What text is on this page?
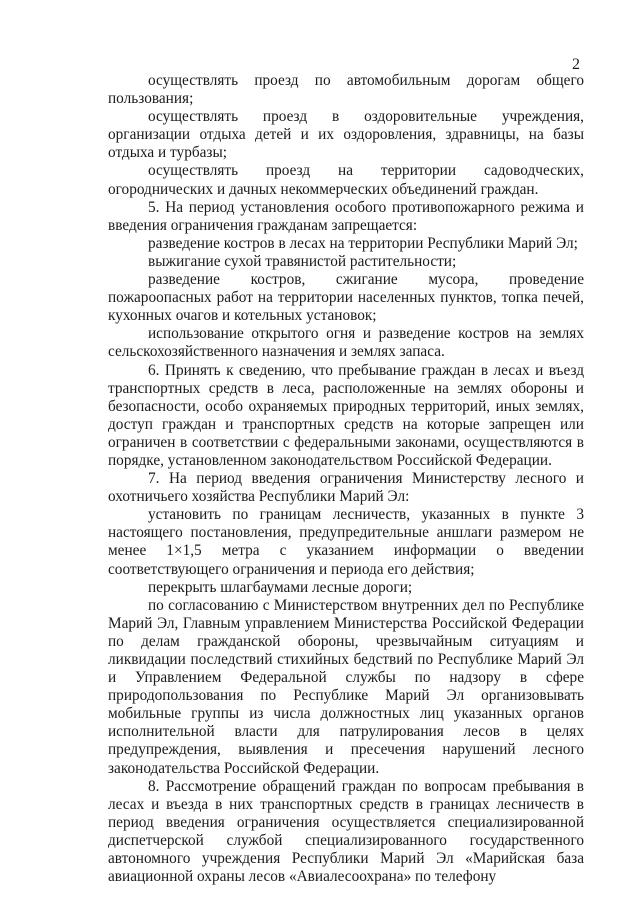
2

осуществлять проезд по автомобильным дорогам общего пользования;

осуществлять проезд в оздоровительные учреждения, организации отдыха детей и их оздоровления, здравницы, на базы отдыха и турбазы;

осуществлять проезд на территории садоводческих, огороднических и дачных некоммерческих объединений граждан.

5. На период установления особого противопожарного режима и введения ограничения гражданам запрещается:

разведение костров в лесах на территории Республики Марий Эл;

выжигание сухой травянистой растительности;

разведение костров, сжигание мусора, проведение пожароопасных работ на территории населенных пунктов, топка печей, кухонных очагов и котельных установок;

использование открытого огня и разведение костров на землях сельскохозяйственного назначения и землях запаса.

6. Принять к сведению, что пребывание граждан в лесах и въезд транспортных средств в леса, расположенные на землях обороны и безопасности, особо охраняемых природных территорий, иных землях, доступ граждан и транспортных средств на которые запрещен или ограничен в соответствии с федеральными законами, осуществляются в порядке, установленном законодательством Российской Федерации.

7. На период введения ограничения Министерству лесного и охотничьего хозяйства Республики Марий Эл:

установить по границам лесничеств, указанных в пункте 3 настоящего постановления, предупредительные аншлаги размером не менее 1×1,5 метра с указанием информации о введении соответствующего ограничения и периода его действия;

перекрыть шлагбаумами лесные дороги;

по согласованию с Министерством внутренних дел по Республике Марий Эл, Главным управлением Министерства Российской Федерации по делам гражданской обороны, чрезвычайным ситуациям и ликвидации последствий стихийных бедствий по Республике Марий Эл и Управлением Федеральной службы по надзору в сфере природопользования по Республике Марий Эл организовывать мобильные группы из числа должностных лиц указанных органов исполнительной власти для патрулирования лесов в целях предупреждения, выявления и пресечения нарушений лесного законодательства Российской Федерации.

8. Рассмотрение обращений граждан по вопросам пребывания в лесах и въезда в них транспортных средств в границах лесничеств в период введения ограничения осуществляется специализированной диспетчерской службой специализированного государственного автономного учреждения Республики Марий Эл «Марийская база авиационной охраны лесов «Авиалесоохрана» по телефону
